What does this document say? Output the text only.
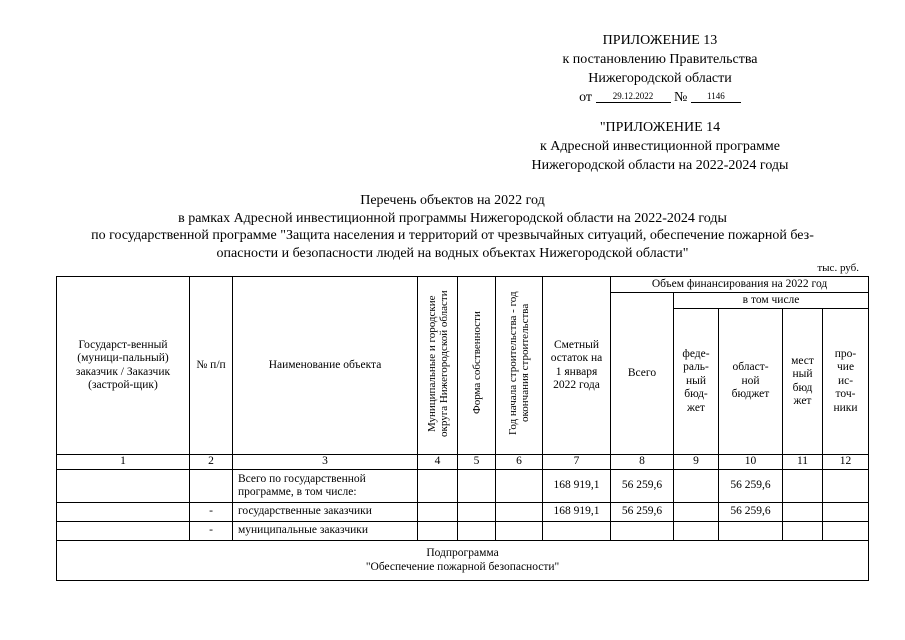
ПРИЛОЖЕНИЕ 13
к постановлению Правительства
Нижегородской области
от 29.12.2022 № 1146
"ПРИЛОЖЕНИЕ 14
к Адресной инвестиционной программе
Нижегородской области на 2022-2024 годы
Перечень объектов на 2022 год
в рамках Адресной инвестиционной программы Нижегородской области на 2022-2024 годы
по государственной программе "Защита населения и территорий от чрезвычайных ситуаций, обеспечение пожарной без-
опасности и безопасности людей на водных объектах Нижегородской области"
тыс. руб.
Государст-венный (муници-пальный) заказчик / Заказчик (застрой-щик)	№ п/п	Наименование объекта	Муниципальные и городские округа Нижегородской области	Форма собственности	Год начала строительства - год окончания строительства	Сметный остаток на 1 января 2022 года	Объем финансирования на 2022 год				
							Всего	в том числе			
								феде-раль-ный бюд-жет	област-ной бюджет	мест ный бюд жет	про-чие ис-точ-ники
1	2	3	4	5	6	7	8	9	10	11	12
		Всего по государственной программе, в том числе:				168 919,1	56 259,6		56 259,6		
	-	государственные заказчики				168 919,1	56 259,6		56 259,6		
	-	муниципальные заказчики									

Подпрограмма
"Обеспечение пожарной безопасности"											
